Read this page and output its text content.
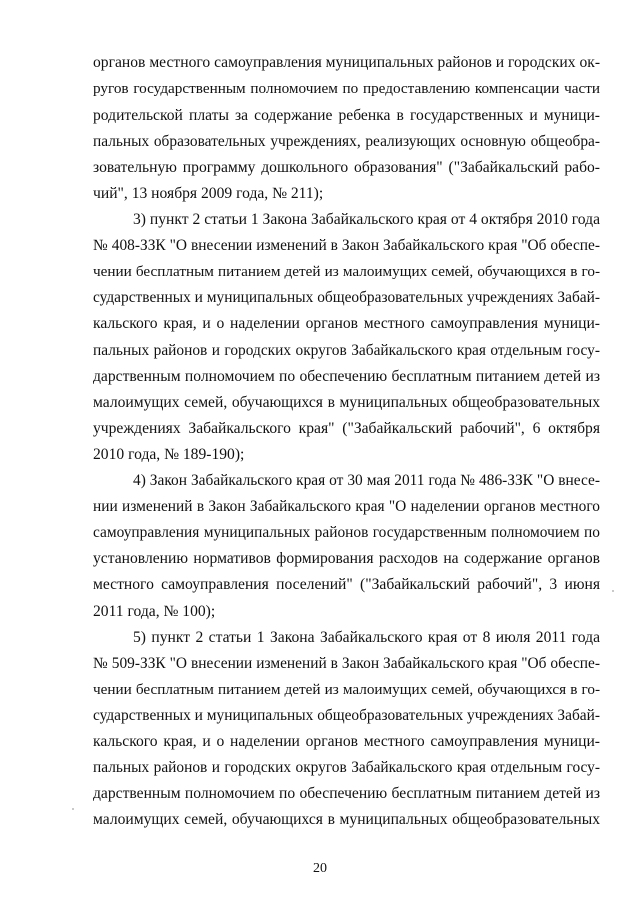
органов местного самоуправления муниципальных районов и городских ок-
ругов государственным полномочием по предоставлению компенсации части
родительской платы за содержание ребенка в государственных и муници-
пальных образовательных учреждениях, реализующих основную общеобра-
зовательную программу дошкольного образования" ("Забайкальский рабо-
чий", 13 ноября 2009 года, № 211);
3) пункт 2 статьи 1 Закона Забайкальского края от 4 октября 2010 года
№ 408-ЗЗК "О внесении изменений в Закон Забайкальского края "Об обеспе-
чении бесплатным питанием детей из малоимущих семей, обучающихся в го-
сударственных и муниципальных общеобразовательных учреждениях Забай-
кальского края, и о наделении органов местного самоуправления муници-
пальных районов и городских округов Забайкальского края отдельным госу-
дарственным полномочием по обеспечению бесплатным питанием детей из
малоимущих семей, обучающихся в муниципальных общеобразовательных
учреждениях Забайкальского края" ("Забайкальский рабочий", 6 октября
2010 года, № 189-190);
4) Закон Забайкальского края от 30 мая 2011 года № 486-ЗЗК "О внесе-
нии изменений в Закон Забайкальского края "О наделении органов местного
самоуправления муниципальных районов государственным полномочием по
установлению нормативов формирования расходов на содержание органов
местного самоуправления поселений" ("Забайкальский рабочий", 3 июня
2011 года, № 100);
5) пункт 2 статьи 1 Закона Забайкальского края от 8 июля 2011 года
№ 509-ЗЗК "О внесении изменений в Закон Забайкальского края "Об обеспе-
чении бесплатным питанием детей из малоимущих семей, обучающихся в го-
сударственных и муниципальных общеобразовательных учреждениях Забай-
кальского края, и о наделении органов местного самоуправления муници-
пальных районов и городских округов Забайкальского края отдельным госу-
дарственным полномочием по обеспечению бесплатным питанием детей из
малоимущих семей, обучающихся в муниципальных общеобразовательных
20
